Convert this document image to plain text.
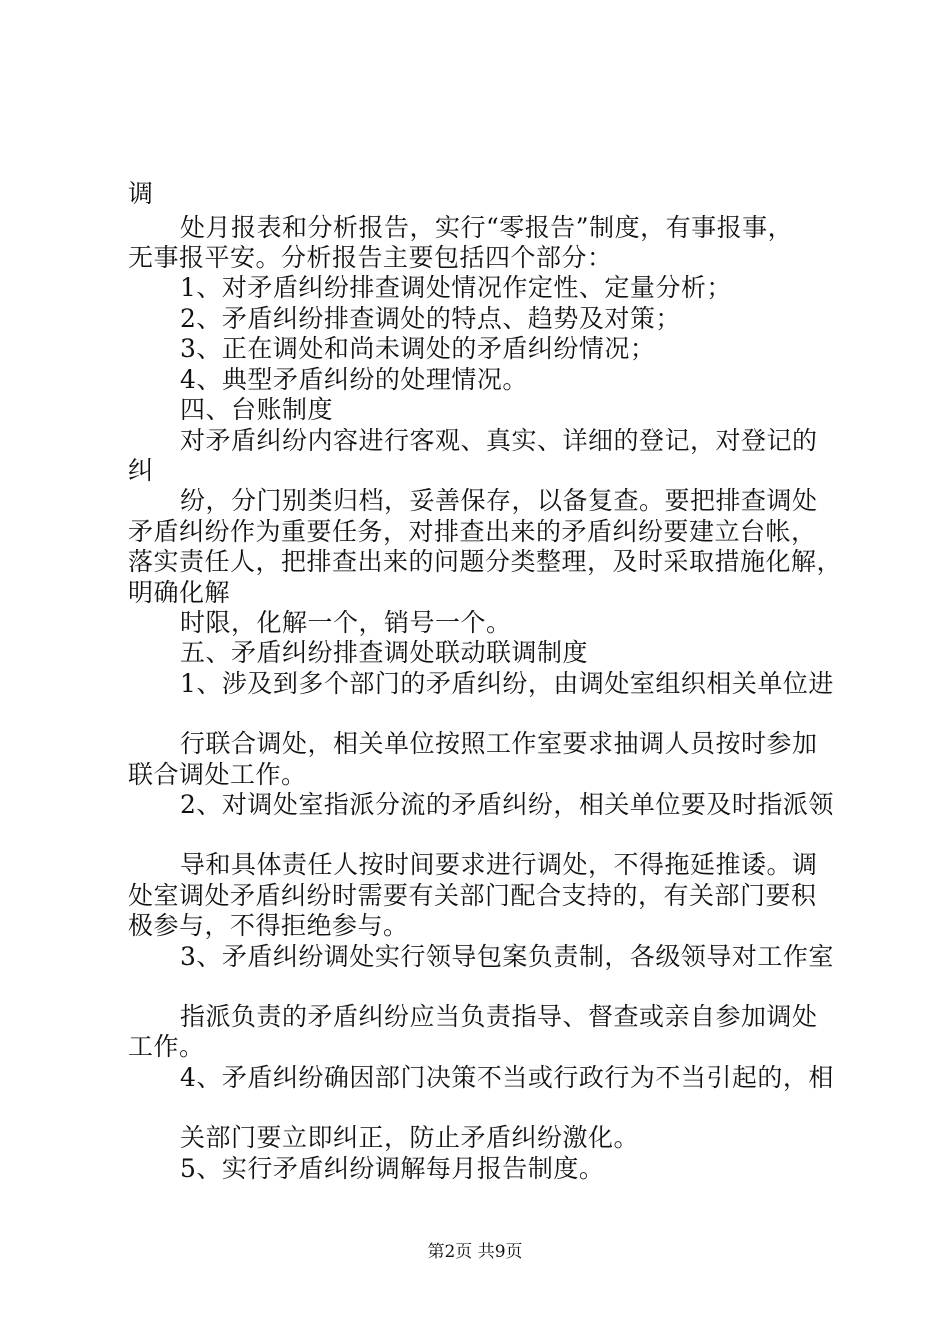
调
处月报表和分析报告，实行“零报告”制度，有事报事，
无事报平安。分析报告主要包括四个部分：
1、对矛盾纠纷排查调处情况作定性、定量分析；
2、矛盾纠纷排查调处的特点、趋势及对策；
3、正在调处和尚未调处的矛盾纠纷情况；
4、典型矛盾纠纷的处理情况。
四、台账制度
对矛盾纠纷内容进行客观、真实、详细的登记，对登记的
纠
纷，分门别类归档，妥善保存，以备复查。要把排查调处
矛盾纠纷作为重要任务，对排查出来的矛盾纠纷要建立台帐，
落实责任人，把排查出来的问题分类整理，及时采取措施化解，
明确化解
时限，化解一个，销号一个。
五、矛盾纠纷排查调处联动联调制度
1、涉及到多个部门的矛盾纠纷，由调处室组织相关单位进
行联合调处，相关单位按照工作室要求抽调人员按时参加
联合调处工作。
2、对调处室指派分流的矛盾纠纷，相关单位要及时指派领
导和具体责任人按时间要求进行调处，不得拖延推诿。调
处室调处矛盾纠纷时需要有关部门配合支持的，有关部门要积
极参与，不得拒绝参与。
3、矛盾纠纷调处实行领导包案负责制，各级领导对工作室
指派负责的矛盾纠纷应当负责指导、督查或亲自参加调处
工作。
4、矛盾纠纷确因部门决策不当或行政行为不当引起的，相
关部门要立即纠正，防止矛盾纠纷激化。
5、实行矛盾纠纷调解每月报告制度。
第2页 共9页
